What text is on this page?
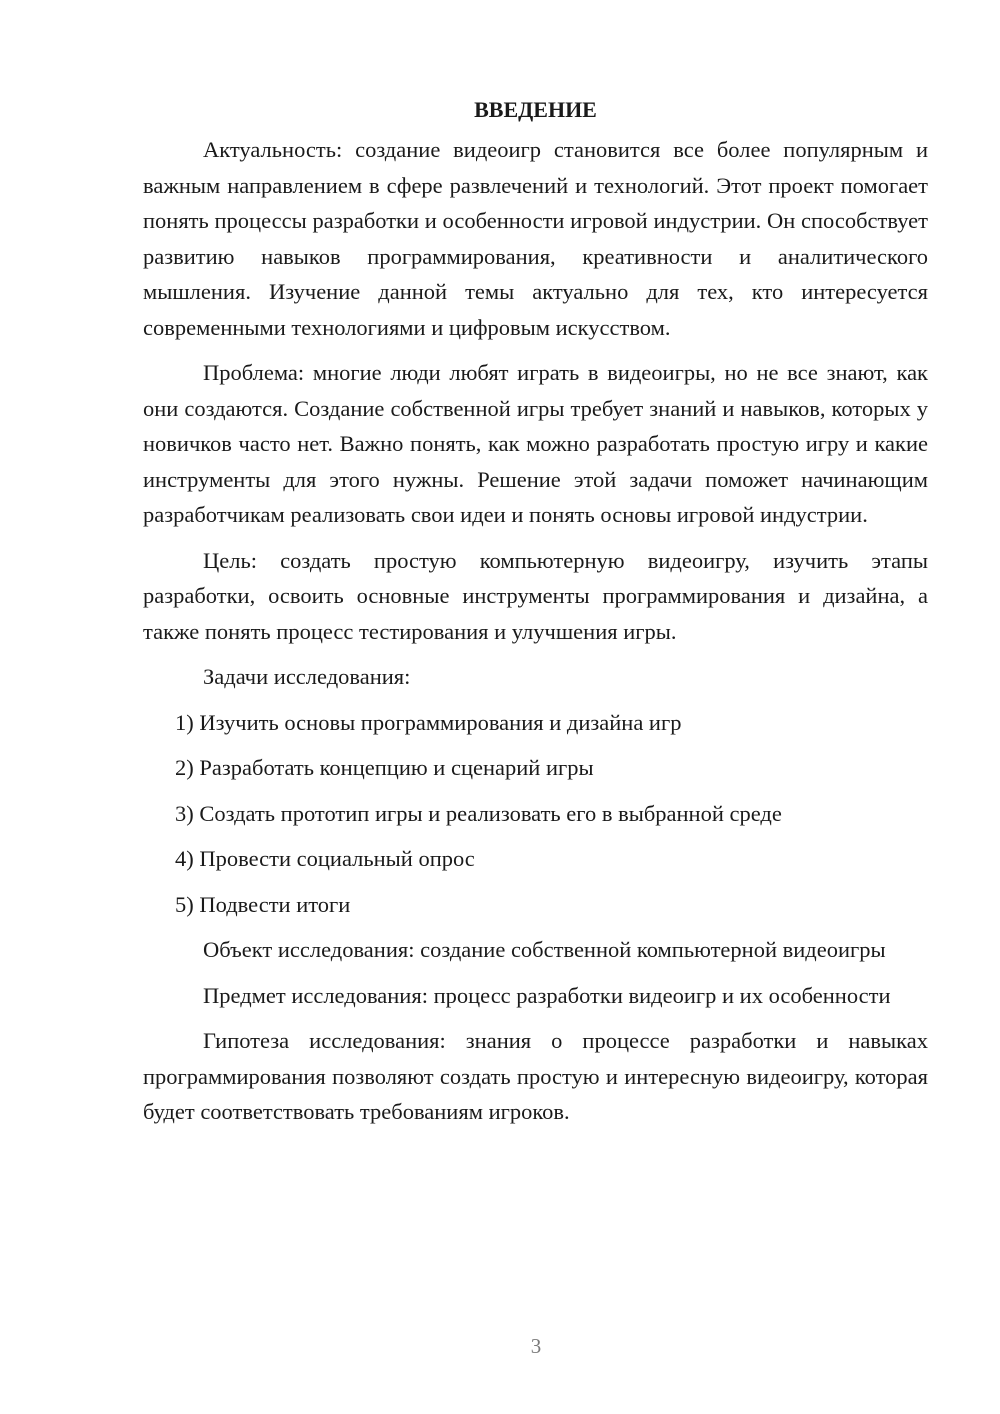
ВВЕДЕНИЕ

Актуальность: создание видеоигр становится все более популярным и важным направлением в сфере развлечений и технологий. Этот проект помогает понять процессы разработки и особенности игровой индустрии. Он способствует развитию навыков программирования, креативности и аналитического мышления. Изучение данной темы актуально для тех, кто интересуется современными технологиями и цифровым искусством.

Проблема: многие люди любят играть в видеоигры, но не все знают, как они создаются. Создание собственной игры требует знаний и навыков, которых у новичков часто нет. Важно понять, как можно разработать простую игру и какие инструменты для этого нужны. Решение этой задачи поможет начинающим разработчикам реализовать свои идеи и понять основы игровой индустрии.

Цель: создать простую компьютерную видеоигру, изучить этапы разработки, освоить основные инструменты программирования и дизайна, а также понять процесс тестирования и улучшения игры.

Задачи исследования:

1) Изучить основы программирования и дизайна игр
2) Разработать концепцию и сценарий игры
3) Создать прототип игры и реализовать его в выбранной среде
4) Провести социальный опрос
5) Подвести итоги

Объект исследования: создание собственной компьютерной видеоигры

Предмет исследования: процесс разработки видеоигр и их особенности

Гипотеза исследования: знания о процессе разработки и навыках программирования позволяют создать простую и интересную видеоигру, которая будет соответствовать требованиям игроков.

3
